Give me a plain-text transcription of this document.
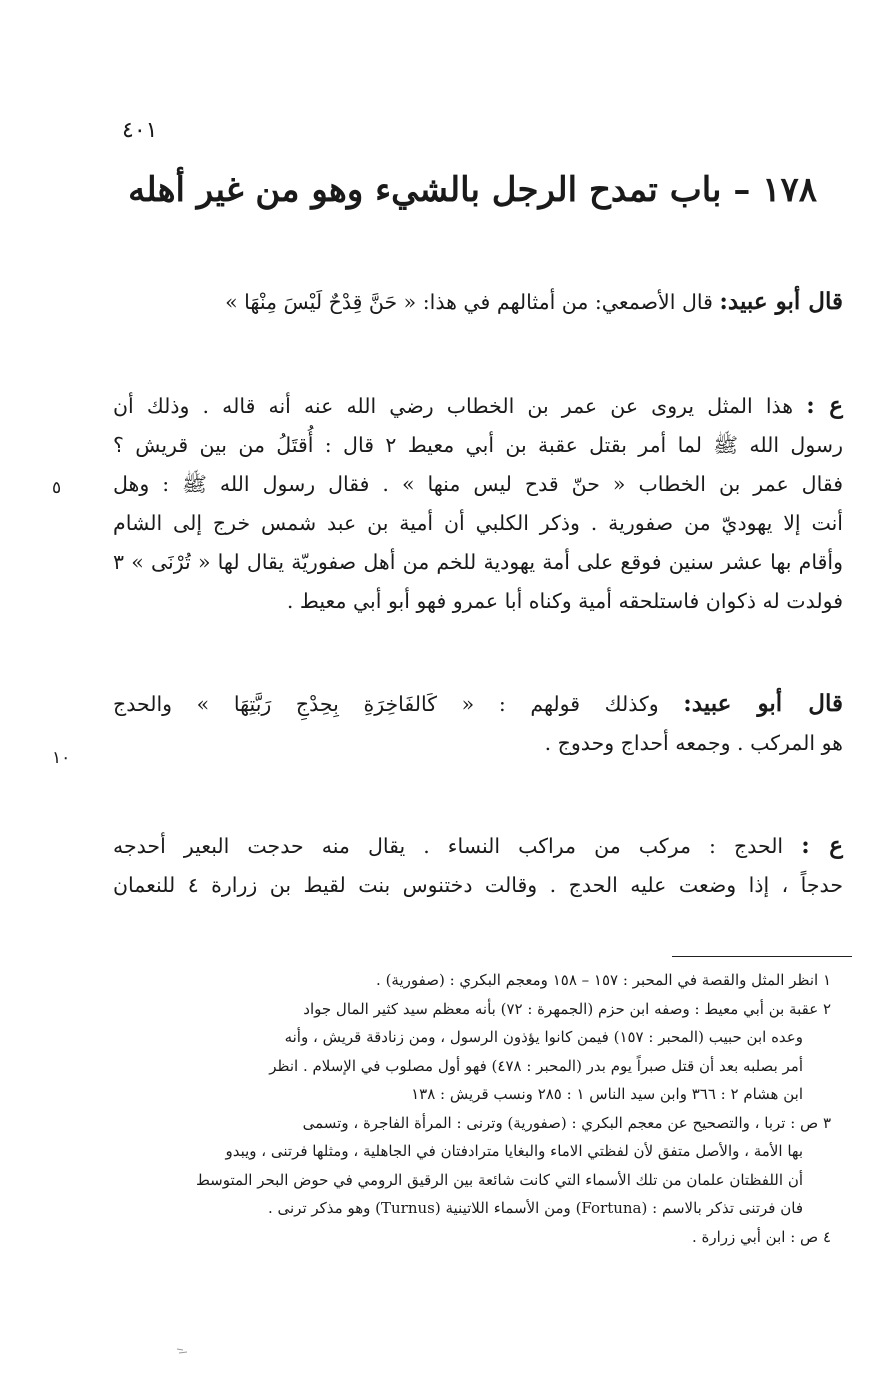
٤٠١
١٧٨ – باب تمدح الرجل بالشيء وهو من غير أهله
قال أبو عبيد: قال الأصمعي: من أمثالهم في هذا: « حَنَّ قِدْحٌ لَيْسَ مِنْهَا »
ع : هذا المثل يروى عن عمر بن الخطاب رضي الله عنه أنه قاله . وذلك أن
رسول الله ﷺ لما أمر بقتل عقبة بن أبي معيط ٢ قال : أُقتَلُ من بين قريش ؟
فقال عمر بن الخطاب « حنّ قدح ليس منها » . فقال رسول الله ﷺ : وهل
أنت إلا يهوديّ من صفورية . وذكر الكلبي أن أمية بن عبد شمس خرج إلى الشام
وأقام بها عشر سنين فوقع على أمة يهودية للخم من أهل صفوريّة يقال لها « تُرْنَى » ٣
فولدت له ذكوان فاستلحقه أمية وكناه أبا عمرو فهو أبو أبي معيط .
قال أبو عبيد: وكذلك قولهم : « كَالفَاخِرَةِ بِحِدْجِ رَبَّتِهَا » والحدج
هو المركب . وجمعه أحداج وحدوج .
ع : الحدج : مركب من مراكب النساء . يقال منه حدجت البعير أحدجه
حدجاً ، إذا وضعت عليه الحدج . وقالت دختنوس بنت لقيط بن زرارة ٤ للنعمان
٥
١٠
١ انظر المثل والقصة في المحبر : ١٥٧ – ١٥٨ ومعجم البكري : (صفورية) .
٢ عقبة بن أبي معيط : وصفه ابن حزم (الجمهرة : ٧٢) بأنه معظم سيد كثير المال جواد
وعده ابن حبيب (المحبر : ١٥٧) فيمن كانوا يؤذون الرسول ، ومن زنادقة قريش ، وأنه
أمر بصلبه بعد أن قتل صبراً يوم بدر (المحبر : ٤٧٨) فهو أول مصلوب في الإسلام . انظر
ابن هشام ٢ : ٣٦٦ وابن سيد الناس ١ : ٢٨٥ ونسب قريش : ١٣٨
٣ ص : تربا ، والتصحيح عن معجم البكري : (صفورية) وترنى : المرأة الفاجرة ، وتسمى
بها الأمة ، والأصل متفق لأن لفظتي الاماء والبغايا مترادفتان في الجاهلية ، ومثلها فرتنى ، ويبدو
أن اللفظتان علمان من تلك الأسماء التي كانت شائعة بين الرقيق الرومي في حوض البحر المتوسط
فان فرتنى تذكر بالاسم : (Fortuna) ومن الأسماء اللاتينية (Turnus) وهو مذكر ترنى .
٤ ص : ابن أبي زرارة .
